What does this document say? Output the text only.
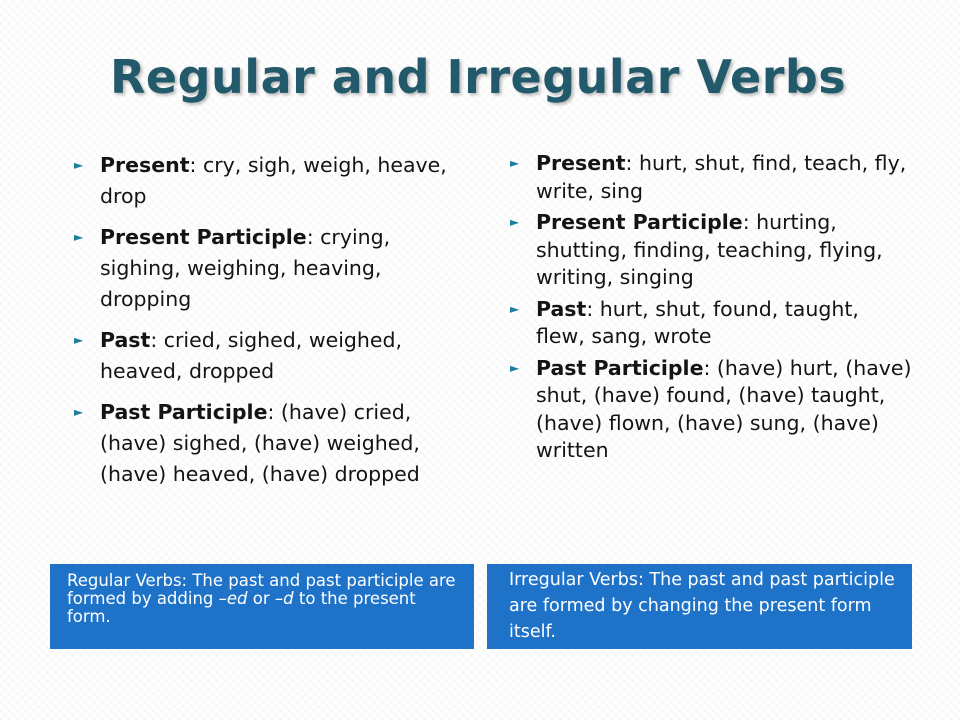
Regular and Irregular Verbs
► Present: cry, sigh, weigh, heave, drop
► Present Participle: crying, sighing, weighing, heaving, dropping
► Past: cried, sighed, weighed, heaved, dropped
► Past Participle: (have) cried, (have) sighed, (have) weighed, (have) heaved, (have) dropped
► Present: hurt, shut, find, teach, fly, write, sing
► Present Participle: hurting, shutting, finding, teaching, flying, writing, singing
► Past: hurt, shut, found, taught, flew, sang, wrote
► Past Participle: (have) hurt, (have) shut, (have) found, (have) taught, (have) flown, (have) sung, (have) written
Regular Verbs: The past and past participle are formed by adding –ed or –d to the present form.
Irregular Verbs: The past and past participle are formed by changing the present form itself.
